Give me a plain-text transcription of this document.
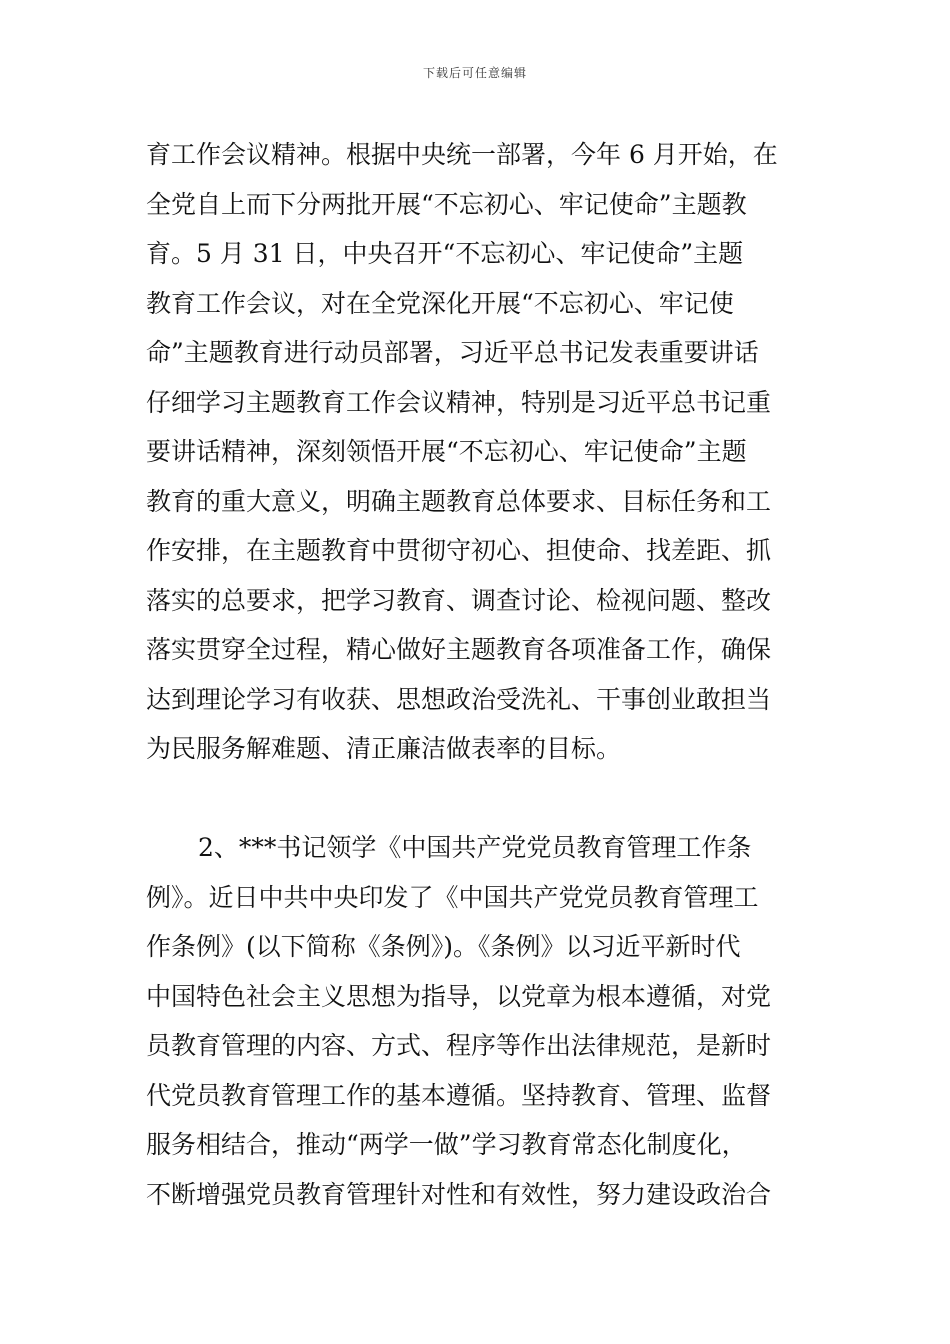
下载后可任意编辑
育工作会议精神。根据中央统一部署，今年 6 月开始，在
全党自上而下分两批开展“不忘初心、牢记使命”主题教
育。5 月 31 日，中央召开“不忘初心、牢记使命”主题
教育工作会议，对在全党深化开展“不忘初心、牢记使
命”主题教育进行动员部署，习近平总书记发表重要讲话
仔细学习主题教育工作会议精神，特别是习近平总书记重
要讲话精神，深刻领悟开展“不忘初心、牢记使命”主题
教育的重大意义，明确主题教育总体要求、目标任务和工
作安排，在主题教育中贯彻守初心、担使命、找差距、抓
落实的总要求，把学习教育、调查讨论、检视问题、整改
落实贯穿全过程，精心做好主题教育各项准备工作，确保
达到理论学习有收获、思想政治受洗礼、干事创业敢担当
为民服务解难题、清正廉洁做表率的目标。
2、***书记领学《中国共产党党员教育管理工作条
例》。近日中共中央印发了《中国共产党党员教育管理工
作条例》(以下简称《条例》)。《条例》以习近平新时代
中国特色社会主义思想为指导，以党章为根本遵循，对党
员教育管理的内容、方式、程序等作出法律规范，是新时
代党员教育管理工作的基本遵循。坚持教育、管理、监督
服务相结合，推动“两学一做”学习教育常态化制度化，
不断增强党员教育管理针对性和有效性，努力建设政治合
